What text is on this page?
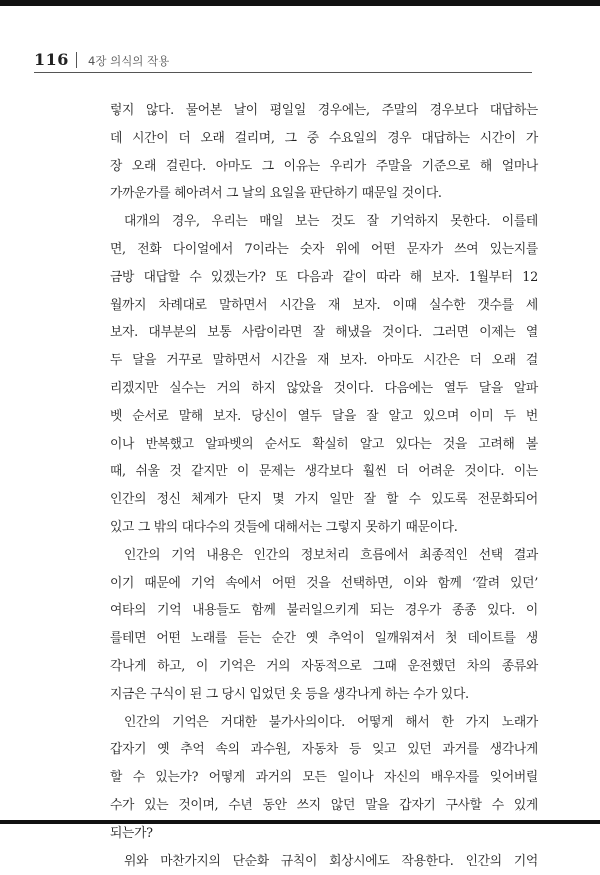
116 4장 의식의 작용

렇지 않다. 물어본 날이 평일일 경우에는, 주말의 경우보다 대답하는
데 시간이 더 오래 걸리며, 그 중 수요일의 경우 대답하는 시간이 가
장 오래 걸린다. 아마도 그 이유는 우리가 주말을 기준으로 해 얼마나
가까운가를 헤아려서 그 날의 요일을 판단하기 때문일 것이다.

대개의 경우, 우리는 매일 보는 것도 잘 기억하지 못한다. 이를테
면, 전화 다이얼에서 7이라는 숫자 위에 어떤 문자가 쓰여 있는지를
금방 대답할 수 있겠는가? 또 다음과 같이 따라 해 보자. 1월부터 12
월까지 차례대로 말하면서 시간을 재 보자. 이때 실수한 갯수를 세
보자. 대부분의 보통 사람이라면 잘 해냈을 것이다. 그러면 이제는 열
두 달을 거꾸로 말하면서 시간을 재 보자. 아마도 시간은 더 오래 걸
리겠지만 실수는 거의 하지 않았을 것이다. 다음에는 열두 달을 알파
벳 순서로 말해 보자. 당신이 열두 달을 잘 알고 있으며 이미 두 번
이나 반복했고 알파벳의 순서도 확실히 알고 있다는 것을 고려해 볼
때, 쉬울 것 같지만 이 문제는 생각보다 훨씬 더 어려운 것이다. 이는
인간의 정신 체계가 단지 몇 가지 일만 잘 할 수 있도록 전문화되어
있고 그 밖의 대다수의 것들에 대해서는 그렇지 못하기 때문이다.

인간의 기억 내용은 인간의 정보처리 흐름에서 최종적인 선택 결과
이기 때문에 기억 속에서 어떤 것을 선택하면, 이와 함께 ‘깔려 있던’
여타의 기억 내용들도 함께 불러일으키게 되는 경우가 종종 있다. 이
를테면 어떤 노래를 듣는 순간 옛 추억이 일깨워져서 첫 데이트를 생
각나게 하고, 이 기억은 거의 자동적으로 그때 운전했던 차의 종류와
지금은 구식이 된 그 당시 입었던 옷 등을 생각나게 하는 수가 있다.

인간의 기억은 거대한 불가사의이다. 어떻게 해서 한 가지 노래가
갑자기 옛 추억 속의 과수원, 자동차 등 잊고 있던 과거를 생각나게
할 수 있는가? 어떻게 과거의 모든 일이나 자신의 배우자를 잊어버릴
수가 있는 것이며, 수년 동안 쓰지 않던 말을 갑자기 구사할 수 있게
되는가?

위와 마찬가지의 단순화 규칙이 회상시에도 작용한다. 인간의 기억
